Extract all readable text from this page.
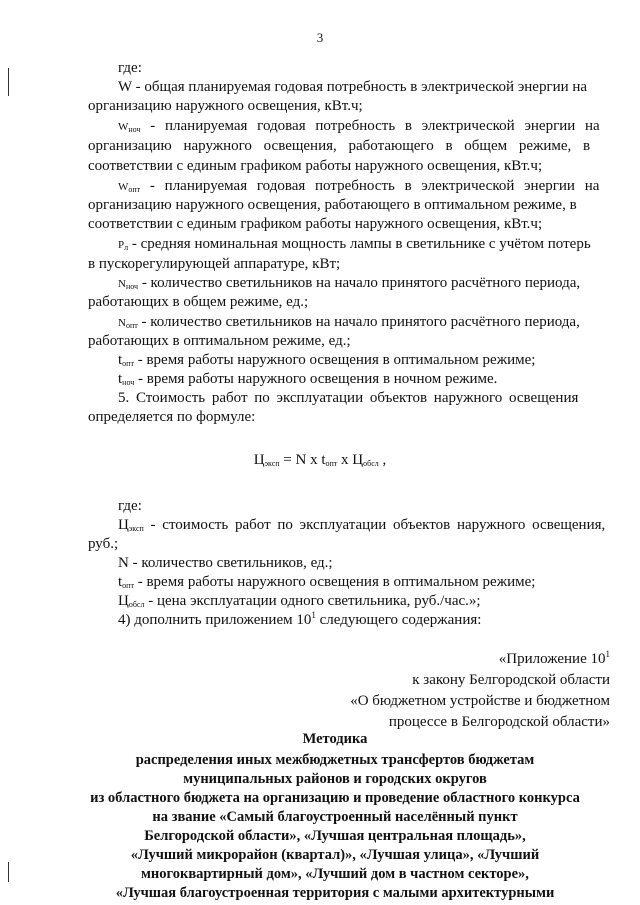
3
где:
W - общая планируемая годовая потребность в электрической энергии на
организацию наружного освещения, кВт.ч;
$W_{ноч}$ - планируемая годовая потребность в электрической энергии на
организацию наружного освещения, работающего в общем режиме, в
соответствии с единым графиком работы наружного освещения, кВт.ч;
$W_{опт}$ - планируемая годовая потребность в электрической энергии на
организацию наружного освещения, работающего в оптимальном режиме, в
соответствии с единым графиком работы наружного освещения, кВт.ч;
$P_л$ - средняя номинальная мощность лампы в светильнике с учётом потерь
в пускорегулирующей аппаратуре, кВт;
$N_{ноч}$ - количество светильников на начало принятого расчётного периода,
работающих в общем режиме, ед.;
$N_{опт}$ - количество светильников на начало принятого расчётного периода,
работающих в оптимальном режиме, ед.;
$t_{опт}$ - время работы наружного освещения в оптимальном режиме;
$t_{ноч}$ - время работы наружного освещения в ночном режиме.
5. Стоимость работ по эксплуатации объектов наружного освещения
определяется по формуле:
$Ц_{эксп} = N$ x $t_{опт}$ x $Ц_{обсл}$ ,
где:
$Ц_{эксп}$ - стоимость работ по эксплуатации объектов наружного освещения,
руб.;
N - количество светильников, ед.;
$t_{опт}$ - время работы наружного освещения в оптимальном режиме;
$Ц_{обсл}$ - цена эксплуатации одного светильника, руб./час.»;
4) дополнить приложением $10^1$ следующего содержания:
«Приложение $10^1$
к закону Белгородской области
«О бюджетном устройстве и бюджетном
процессе в Белгородской области»
Методика
распределения иных межбюджетных трансфертов бюджетам
муниципальных районов и городских округов
из областного бюджета на организацию и проведение областного конкурса
на звание «Самый благоустроенный населённый пункт
Белгородской области», «Лучшая центральная площадь»,
«Лучший микрорайон (квартал)», «Лучшая улица», «Лучший
многоквартирный дом», «Лучший дом в частном секторе»,
«Лучшая благоустроенная территория с малыми архитектурными
